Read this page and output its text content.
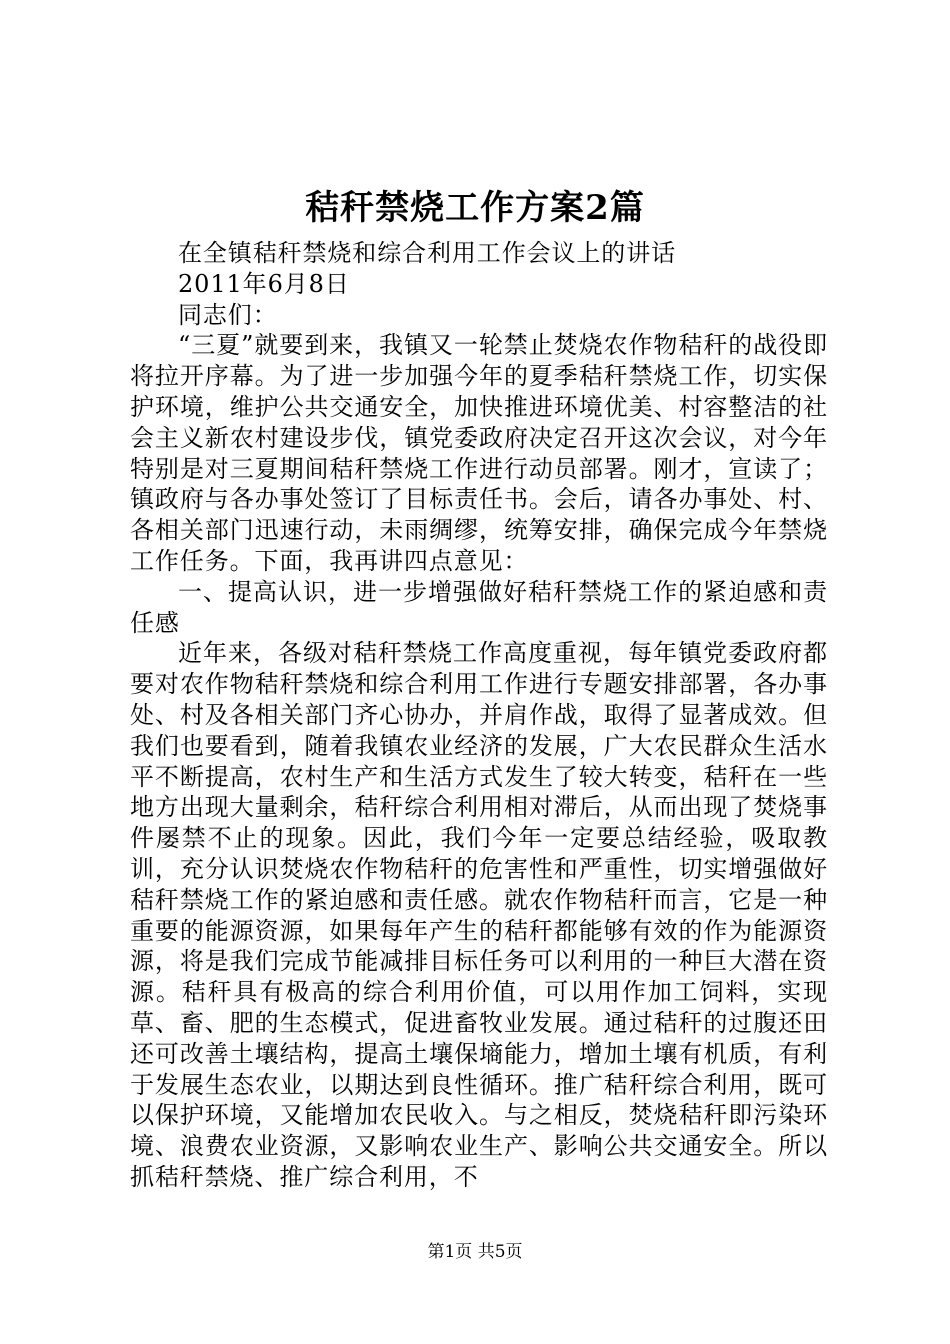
秸秆禁烧工作方案2篇

在全镇秸秆禁烧和综合利用工作会议上的讲话

2011年6月8日

同志们：

“三夏”就要到来，我镇又一轮禁止焚烧农作物秸秆的战役即将拉开序幕。为了进一步加强今年的夏季秸秆禁烧工作，切实保护环境，维护公共交通安全，加快推进环境优美、村容整洁的社会主义新农村建设步伐，镇党委政府决定召开这次会议，对今年特别是对三夏期间秸秆禁烧工作进行动员部署。刚才，宣读了；镇政府与各办事处签订了目标责任书。会后，请各办事处、村、各相关部门迅速行动，未雨绸缪，统筹安排，确保完成今年禁烧工作任务。下面，我再讲四点意见：

一、提高认识，进一步增强做好秸秆禁烧工作的紧迫感和责任感

近年来，各级对秸秆禁烧工作高度重视，每年镇党委政府都要对农作物秸秆禁烧和综合利用工作进行专题安排部署，各办事处、村及各相关部门齐心协办，并肩作战，取得了显著成效。但我们也要看到，随着我镇农业经济的发展，广大农民群众生活水平不断提高，农村生产和生活方式发生了较大转变，秸秆在一些地方出现大量剩余，秸秆综合利用相对滞后，从而出现了焚烧事件屡禁不止的现象。因此，我们今年一定要总结经验，吸取教训，充分认识焚烧农作物秸秆的危害性和严重性，切实增强做好秸秆禁烧工作的紧迫感和责任感。就农作物秸秆而言，它是一种重要的能源资源，如果每年产生的秸秆都能够有效的作为能源资源，将是我们完成节能减排目标任务可以利用的一种巨大潜在资源。秸秆具有极高的综合利用价值，可以用作加工饲料，实现草、畜、肥的生态模式，促进畜牧业发展。通过秸秆的过腹还田还可改善土壤结构，提高土壤保墒能力，增加土壤有机质，有利于发展生态农业，以期达到良性循环。推广秸秆综合利用，既可以保护环境，又能增加农民收入。与之相反，焚烧秸秆即污染环境、浪费农业资源，又影响农业生产、影响公共交通安全。所以抓秸秆禁烧、推广综合利用，不

第1页 共5页
